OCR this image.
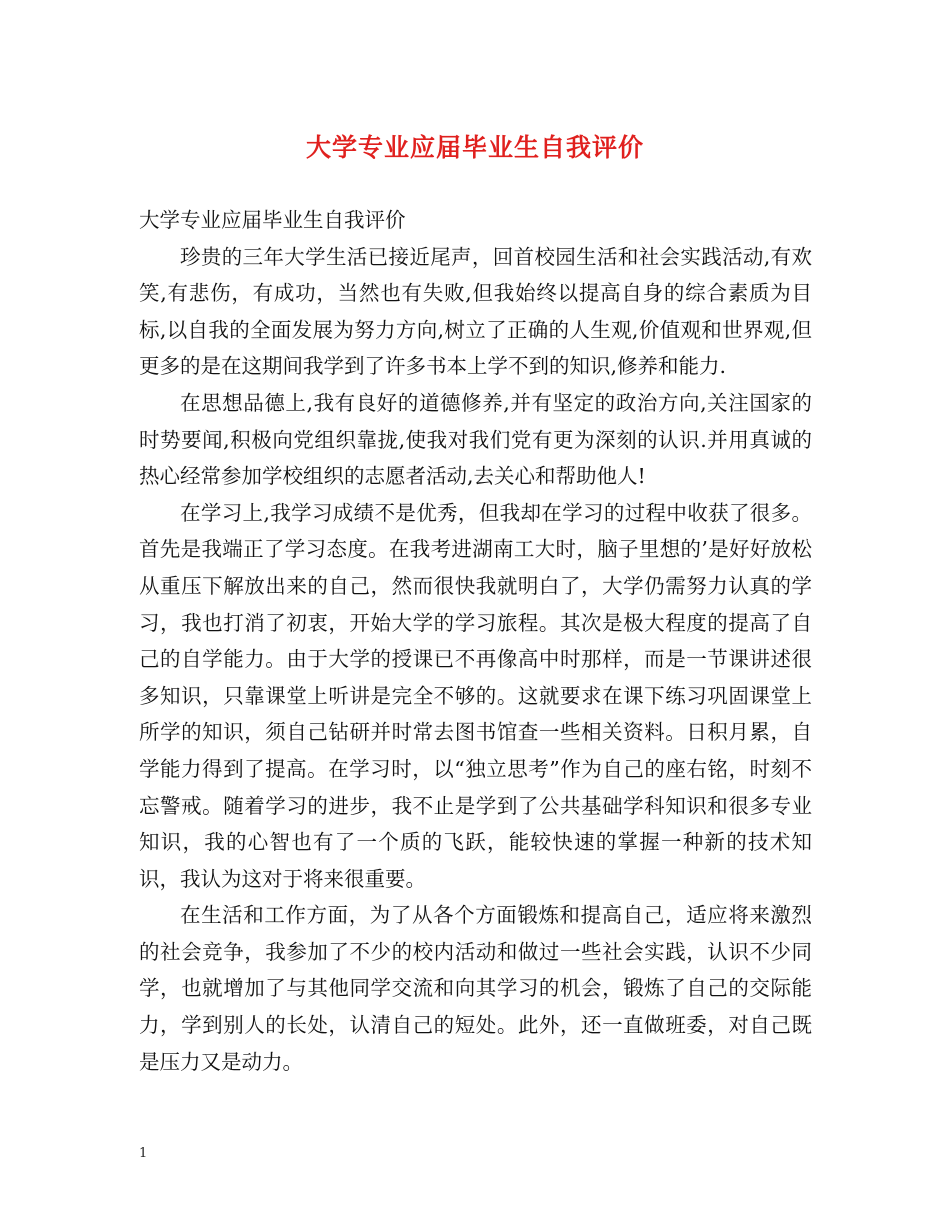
大学专业应届毕业生自我评价

大学专业应届毕业生自我评价

珍贵的三年大学生活已接近尾声，回首校园生活和社会实践活动,有欢笑,有悲伤，有成功，当然也有失败,但我始终以提高自身的综合素质为目标,以自我的全面发展为努力方向,树立了正确的人生观,价值观和世界观,但更多的是在这期间我学到了许多书本上学不到的知识,修养和能力.

在思想品德上,我有良好的道德修养,并有坚定的政治方向,关注国家的时势要闻,积极向党组织靠拢,使我对我们党有更为深刻的认识.并用真诚的热心经常参加学校组织的志愿者活动,去关心和帮助他人!

在学习上,我学习成绩不是优秀，但我却在学习的过程中收获了很多。首先是我端正了学习态度。在我考进湖南工大时，脑子里想的’是好好放松从重压下解放出来的自己，然而很快我就明白了，大学仍需努力认真的学习，我也打消了初衷，开始大学的学习旅程。其次是极大程度的提高了自己的自学能力。由于大学的授课已不再像高中时那样，而是一节课讲述很多知识，只靠课堂上听讲是完全不够的。这就要求在课下练习巩固课堂上所学的知识，须自己钻研并时常去图书馆查一些相关资料。日积月累，自学能力得到了提高。在学习时，以“独立思考”作为自己的座右铭，时刻不忘警戒。随着学习的进步，我不止是学到了公共基础学科知识和很多专业知识，我的心智也有了一个质的飞跃，能较快速的掌握一种新的技术知识，我认为这对于将来很重要。

在生活和工作方面，为了从各个方面锻炼和提高自己，适应将来激烈的社会竞争，我参加了不少的校内活动和做过一些社会实践，认识不少同学，也就增加了与其他同学交流和向其学习的机会，锻炼了自己的交际能力，学到别人的长处，认清自己的短处。此外，还一直做班委，对自己既是压力又是动力。

1
